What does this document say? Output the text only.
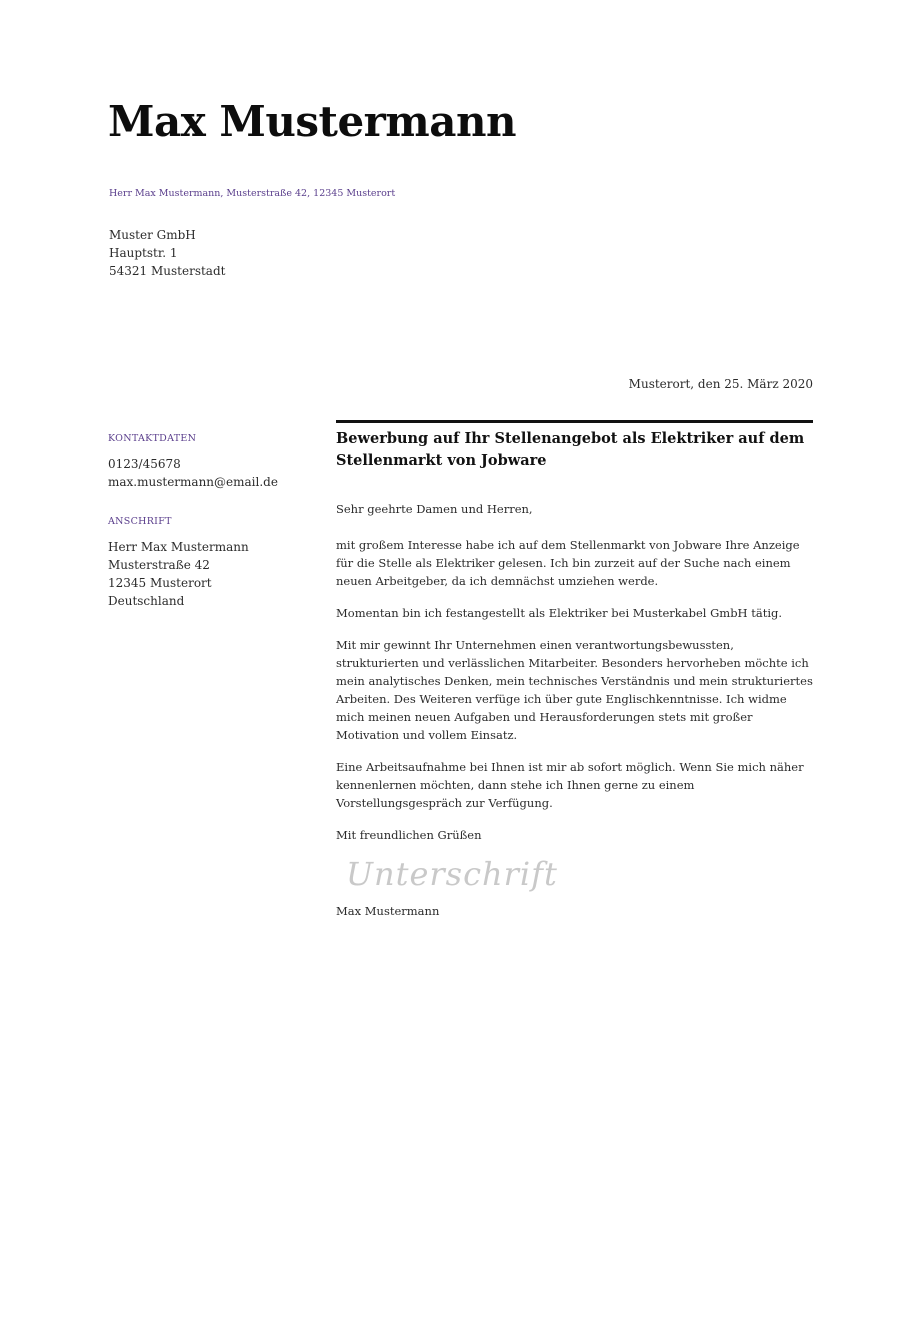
Max Mustermann
Herr Max Mustermann, Musterstraße 42, 12345 Musterort
Muster GmbH
Hauptstr. 1
54321 Musterstadt
Musterort, den 25. März 2020
KONTAKTDATEN
0123/45678
max.mustermann@email.de
ANSCHRIFT
Herr Max Mustermann
Musterstraße 42
12345 Musterort
Deutschland
Bewerbung auf Ihr Stellenangebot als Elektriker auf dem Stellenmarkt von Jobware

Sehr geehrte Damen und Herren,

mit großem Interesse habe ich auf dem Stellenmarkt von Jobware Ihre Anzeige für die Stelle als Elektriker gelesen. Ich bin zurzeit auf der Suche nach einem neuen Arbeitgeber, da ich demnächst umziehen werde.

Momentan bin ich festangestellt als Elektriker bei Musterkabel GmbH tätig.

Mit mir gewinnt Ihr Unternehmen einen verantwortungsbewussten, strukturierten und verlässlichen Mitarbeiter. Besonders hervorheben möchte ich mein analytisches Denken, mein technisches Verständnis und mein strukturiertes Arbeiten. Des Weiteren verfüge ich über gute Englischkenntnisse. Ich widme mich meinen neuen Aufgaben und Herausforderungen stets mit großer Motivation und vollem Einsatz.

Eine Arbeitsaufnahme bei Ihnen ist mir ab sofort möglich. Wenn Sie mich näher kennenlernen möchten, dann stehe ich Ihnen gerne zu einem Vorstellungsgespräch zur Verfügung.

Mit freundlichen Grüßen

Unterschrift

Max Mustermann
